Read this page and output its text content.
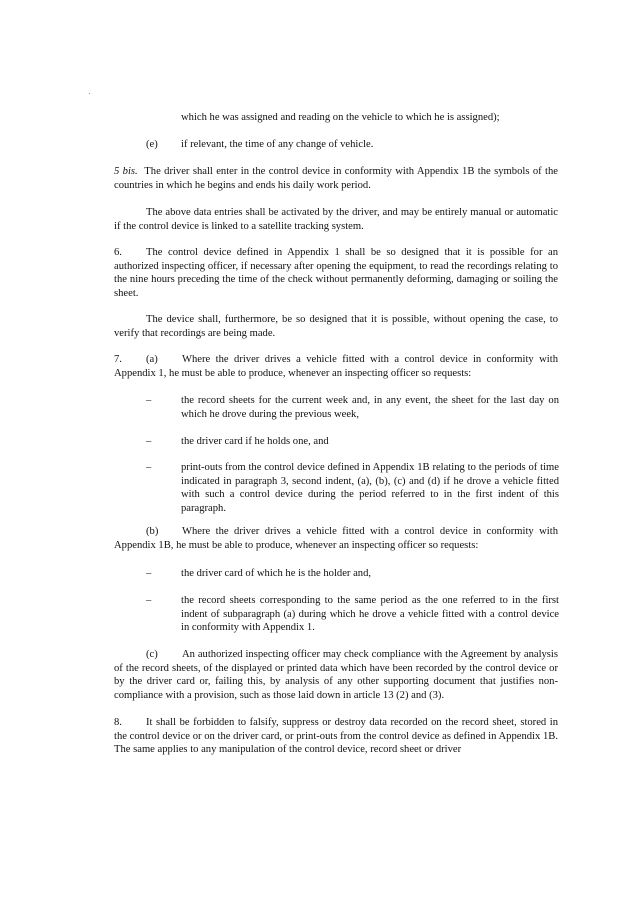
which he was assigned and reading on the vehicle to which he is assigned);

(e) if relevant, the time of any change of vehicle.

5 bis. The driver shall enter in the control device in conformity with Appendix 1B the symbols of the countries in which he begins and ends his daily work period.

The above data entries shall be activated by the driver, and may be entirely manual or automatic if the control device is linked to a satellite tracking system.

6. The control device defined in Appendix 1 shall be so designed that it is possible for an authorized inspecting officer, if necessary after opening the equipment, to read the recordings relating to the nine hours preceding the time of the check without permanently deforming, damaging or soiling the sheet.

The device shall, furthermore, be so designed that it is possible, without opening the case, to verify that recordings are being made.

7. (a) Where the driver drives a vehicle fitted with a control device in conformity with Appendix 1, he must be able to produce, whenever an inspecting officer so requests:

–	the record sheets for the current week and, in any event, the sheet for the last day on which he drove during the previous week,

–	the driver card if he holds one, and

–	print-outs from the control device defined in Appendix 1B relating to the periods of time indicated in paragraph 3, second indent, (a), (b), (c) and (d) if he drove a vehicle fitted with such a control device during the period referred to in the first indent of this paragraph.

(b) Where the driver drives a vehicle fitted with a control device in conformity with Appendix 1B, he must be able to produce, whenever an inspecting officer so requests:

–	the driver card of which he is the holder and,

–	the record sheets corresponding to the same period as the one referred to in the first indent of subparagraph (a) during which he drove a vehicle fitted with a control device in conformity with Appendix 1.

(c) An authorized inspecting officer may check compliance with the Agreement by analysis of the record sheets, of the displayed or printed data which have been recorded by the control device or by the driver card or, failing this, by analysis of any other supporting document that justifies non-compliance with a provision, such as those laid down in article 13 (2) and (3).

8. It shall be forbidden to falsify, suppress or destroy data recorded on the record sheet, stored in the control device or on the driver card, or print-outs from the control device as defined in Appendix 1B. The same applies to any manipulation of the control device, record sheet or driver
